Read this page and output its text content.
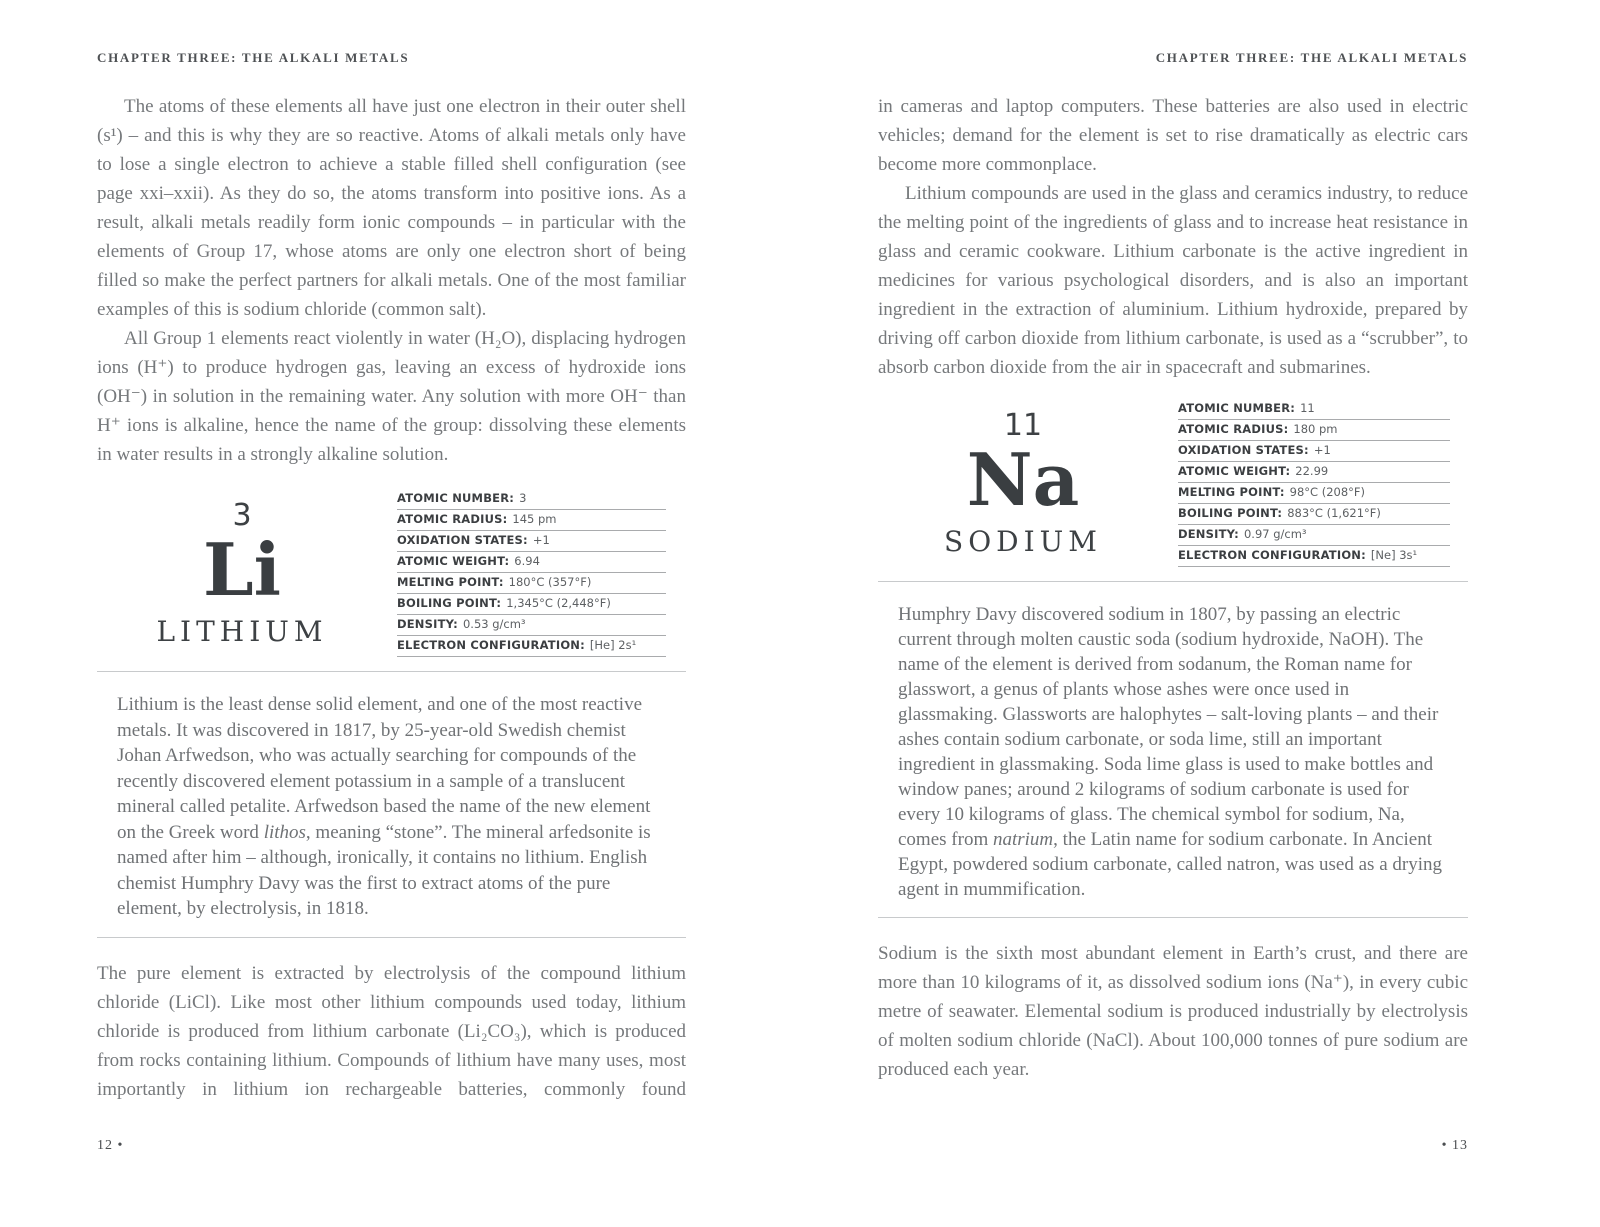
CHAPTER THREE: THE ALKALI METALS

The atoms of these elements all have just one electron in their outer shell (s¹) – and this is why they are so reactive. Atoms of alkali metals only have to lose a single electron to achieve a stable filled shell configuration (see page xxi–xxii). As they do so, the atoms transform into positive ions. As a result, alkali metals readily form ionic compounds – in particular with the elements of Group 17, whose atoms are only one electron short of being filled so make the perfect partners for alkali metals. One of the most familiar examples of this is sodium chloride (common salt).

All Group 1 elements react violently in water (H₂O), displacing hydrogen ions (H⁺) to produce hydrogen gas, leaving an excess of hydroxide ions (OH⁻) in solution in the remaining water. Any solution with more OH⁻ than H⁺ ions is alkaline, hence the name of the group: dissolving these elements in water results in a strongly alkaline solution.

3
Li
LITHIUM
ATOMIC NUMBER: 3
ATOMIC RADIUS: 145 pm
OXIDATION STATES: +1
ATOMIC WEIGHT: 6.94
MELTING POINT: 180°C (357°F)
BOILING POINT: 1,345°C (2,448°F)
DENSITY: 0.53 g/cm³
ELECTRON CONFIGURATION: [He] 2s¹

Lithium is the least dense solid element, and one of the most reactive metals. It was discovered in 1817, by 25-year-old Swedish chemist Johan Arfwedson, who was actually searching for compounds of the recently discovered element potassium in a sample of a translucent mineral called petalite. Arfwedson based the name of the new element on the Greek word lithos, meaning “stone”. The mineral arfedsonite is named after him – although, ironically, it contains no lithium. English chemist Humphry Davy was the first to extract atoms of the pure element, by electrolysis, in 1818.

The pure element is extracted by electrolysis of the compound lithium chloride (LiCl). Like most other lithium compounds used today, lithium chloride is produced from lithium carbonate (Li₂CO₃), which is produced from rocks containing lithium. Compounds of lithium have many uses, most importantly in lithium ion rechargeable batteries, commonly found

12 •
CHAPTER THREE: THE ALKALI METALS

in cameras and laptop computers. These batteries are also used in electric vehicles; demand for the element is set to rise dramatically as electric cars become more commonplace.

Lithium compounds are used in the glass and ceramics industry, to reduce the melting point of the ingredients of glass and to increase heat resistance in glass and ceramic cookware. Lithium carbonate is the active ingredient in medicines for various psychological disorders, and is also an important ingredient in the extraction of aluminium. Lithium hydroxide, prepared by driving off carbon dioxide from lithium carbonate, is used as a “scrubber”, to absorb carbon dioxide from the air in spacecraft and submarines.

11
Na
SODIUM
ATOMIC NUMBER: 11
ATOMIC RADIUS: 180 pm
OXIDATION STATES: +1
ATOMIC WEIGHT: 22.99
MELTING POINT: 98°C (208°F)
BOILING POINT: 883°C (1,621°F)
DENSITY: 0.97 g/cm³
ELECTRON CONFIGURATION: [Ne] 3s¹

Humphry Davy discovered sodium in 1807, by passing an electric current through molten caustic soda (sodium hydroxide, NaOH). The name of the element is derived from sodanum, the Roman name for glasswort, a genus of plants whose ashes were once used in glassmaking. Glassworts are halophytes – salt-loving plants – and their ashes contain sodium carbonate, or soda lime, still an important ingredient in glassmaking. Soda lime glass is used to make bottles and window panes; around 2 kilograms of sodium carbonate is used for every 10 kilograms of glass. The chemical symbol for sodium, Na, comes from natrium, the Latin name for sodium carbonate. In Ancient Egypt, powdered sodium carbonate, called natron, was used as a drying agent in mummification.

Sodium is the sixth most abundant element in Earth’s crust, and there are more than 10 kilograms of it, as dissolved sodium ions (Na⁺), in every cubic metre of seawater. Elemental sodium is produced industrially by electrolysis of molten sodium chloride (NaCl). About 100,000 tonnes of pure sodium are produced each year.

• 13
